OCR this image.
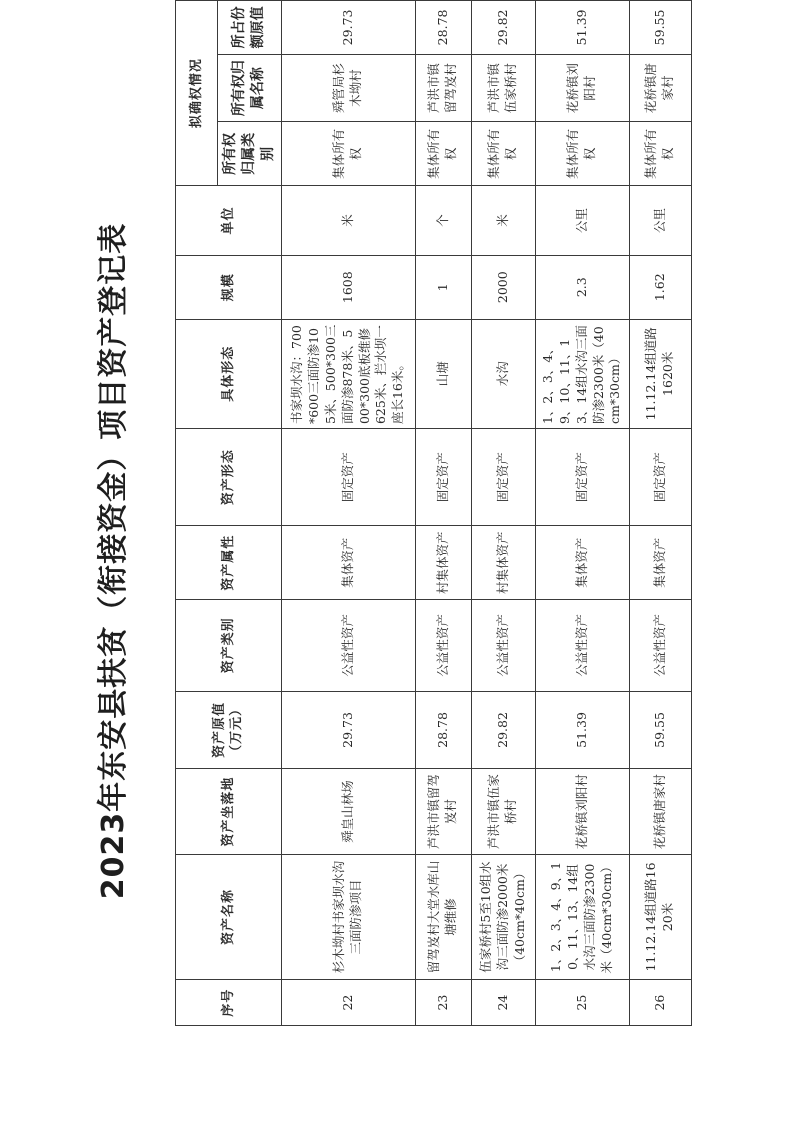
2023年东安县扶贫（衔接资金）项目资产登记表
序号	资产名称	资产坐落地	资产原值（万元）	资产类别	资产属性	资产形态	具体形态	规模	单位	拟确权情况		
										所有权归属类别	所有权归属名称	所占份额原值
22	杉木坳村书家坝水沟三面防渗项目	舜皇山林场	29.73	公益性资产	集体资产	固定资产	书家坝水沟：700*600三面防渗105米、500*300三面防渗878米、500*300底板维修625米、拦水坝一座长16米。	1608	米	集体所有权	舜管局杉木坳村	29.73
23	留驾岌村大堂水库山塘维修	芦洪市镇留驾岌村	28.78	公益性资产	村集体资产	固定资产	山塘	1	个	集体所有权	芦洪市镇留驾岌村	28.78
24	伍家桥村5至10组水沟三面防渗2000米（40cm*40cm）	芦洪市镇伍家桥村	29.82	公益性资产	村集体资产	固定资产	水沟	2000	米	集体所有权	芦洪市镇伍家桥村	29.82
25	1、2、3、4、9、10、11、13、14组水沟三面防渗2300米（40cm*30cm）	花桥镇刘阳村	51.39	公益性资产	集体资产	固定资产	1、2、3、4、9、10、11、13、14组水沟三面防渗2300米（40cm*30cm）	2.3	公里	集体所有权	花桥镇刘阳村	51.39
26	11.12.14组道路1620米	花桥镇唐家村	59.55	公益性资产	集体资产	固定资产	11.12.14组道路1620米	1.62	公里	集体所有权	花桥镇唐家村	59.55
